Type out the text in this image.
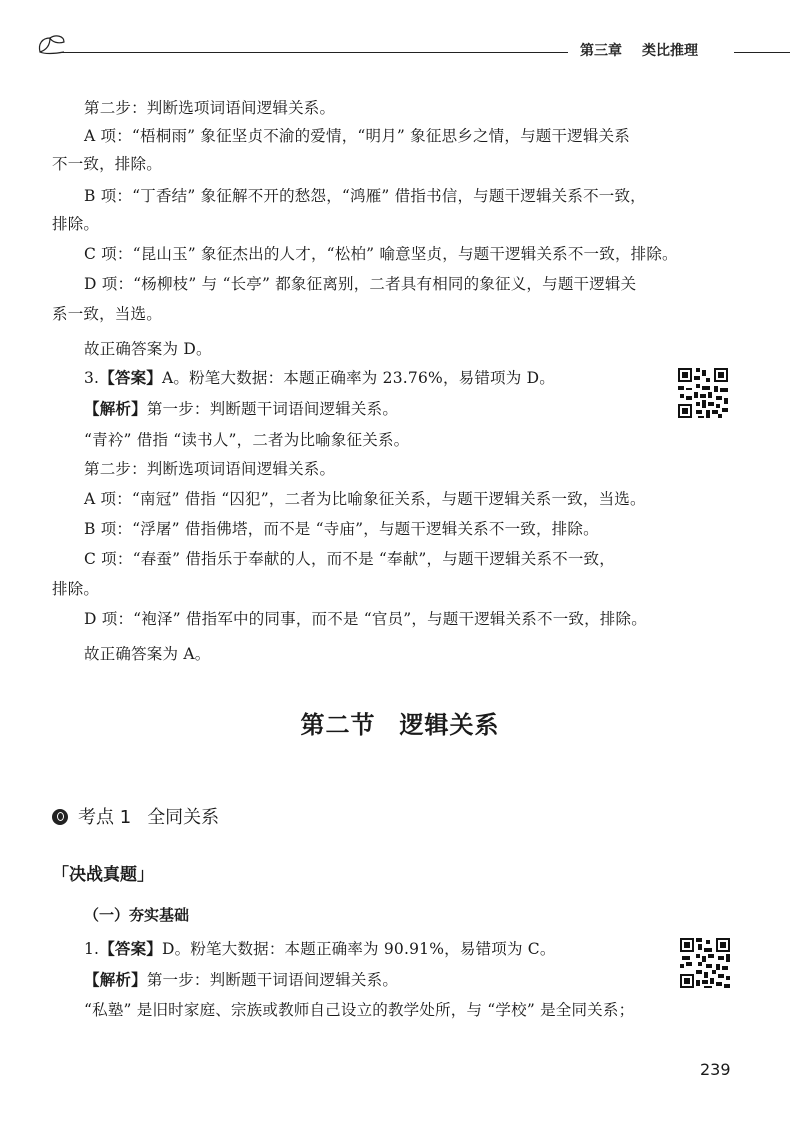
第三章 类比推理
第二步：判断选项词语间逻辑关系。
A 项：“梧桐雨” 象征坚贞不渝的爱情，“明月” 象征思乡之情，与题干逻辑关系
不一致，排除。
B 项：“丁香结” 象征解不开的愁怨，“鸿雁” 借指书信，与题干逻辑关系不一致，
排除。
C 项：“昆山玉” 象征杰出的人才，“松柏” 喻意坚贞，与题干逻辑关系不一致，排除。
D 项：“杨柳枝” 与 “长亭” 都象征离别，二者具有相同的象征义，与题干逻辑关
系一致，当选。
故正确答案为 D。
3.【答案】A。粉笔大数据：本题正确率为 23.76%，易错项为 D。
【解析】第一步：判断题干词语间逻辑关系。
“青衿” 借指 “读书人”，二者为比喻象征关系。
第二步：判断选项词语间逻辑关系。
A 项：“南冠” 借指 “囚犯”，二者为比喻象征关系，与题干逻辑关系一致，当选。
B 项：“浮屠” 借指佛塔，而不是 “寺庙”，与题干逻辑关系不一致，排除。
C 项：“春蚕” 借指乐于奉献的人，而不是 “奉献”，与题干逻辑关系不一致，
排除。
D 项：“袍泽” 借指军中的同事，而不是 “官员”，与题干逻辑关系不一致，排除。
故正确答案为 A。
第二节 逻辑关系
考点 1 全同关系
「决战真题」
（一）夯实基础
1.【答案】D。粉笔大数据：本题正确率为 90.91%，易错项为 C。
【解析】第一步：判断题干词语间逻辑关系。
“私塾” 是旧时家庭、宗族或教师自己设立的教学处所，与 “学校” 是全同关系；
239
